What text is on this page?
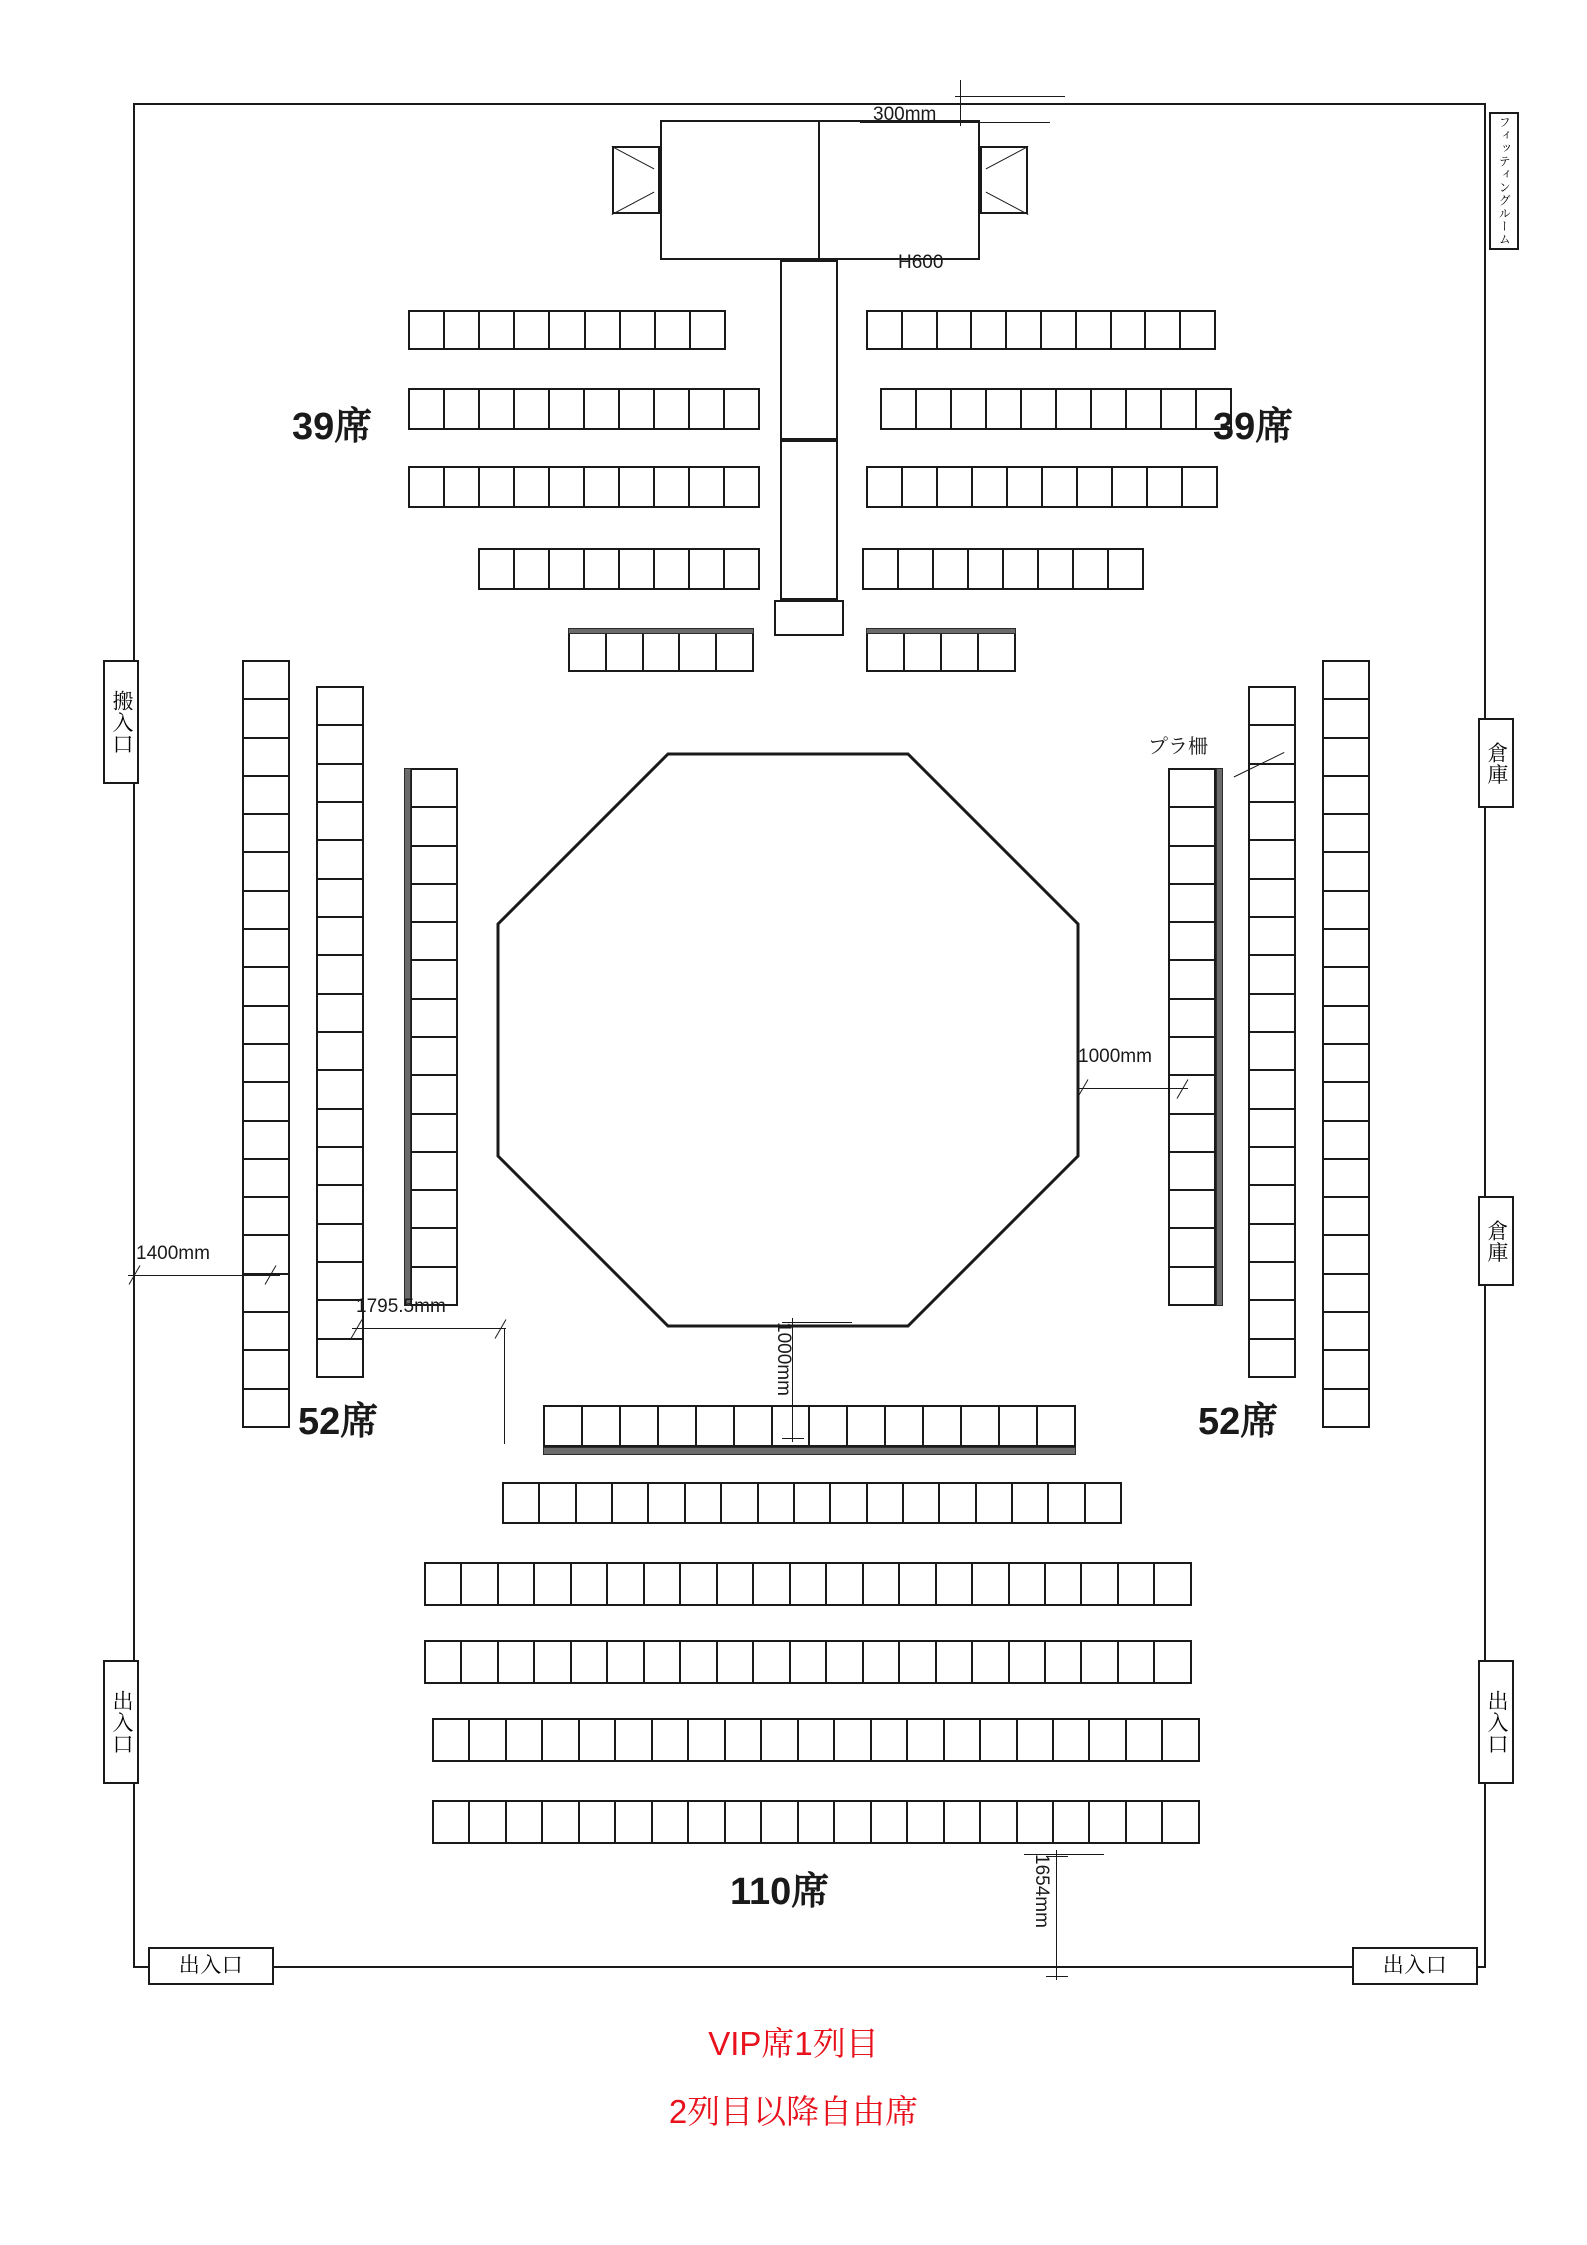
フィッティングルーム
搬入口
倉庫
倉庫
出入口	出入口
出入口	出入口
300mm
H600
39席	39席
52席	52席
プラ柵
110席
1400mm
1795.5mm
1000mm
1000mm
1654mm
VIP席1列目
2列目以降自由席
